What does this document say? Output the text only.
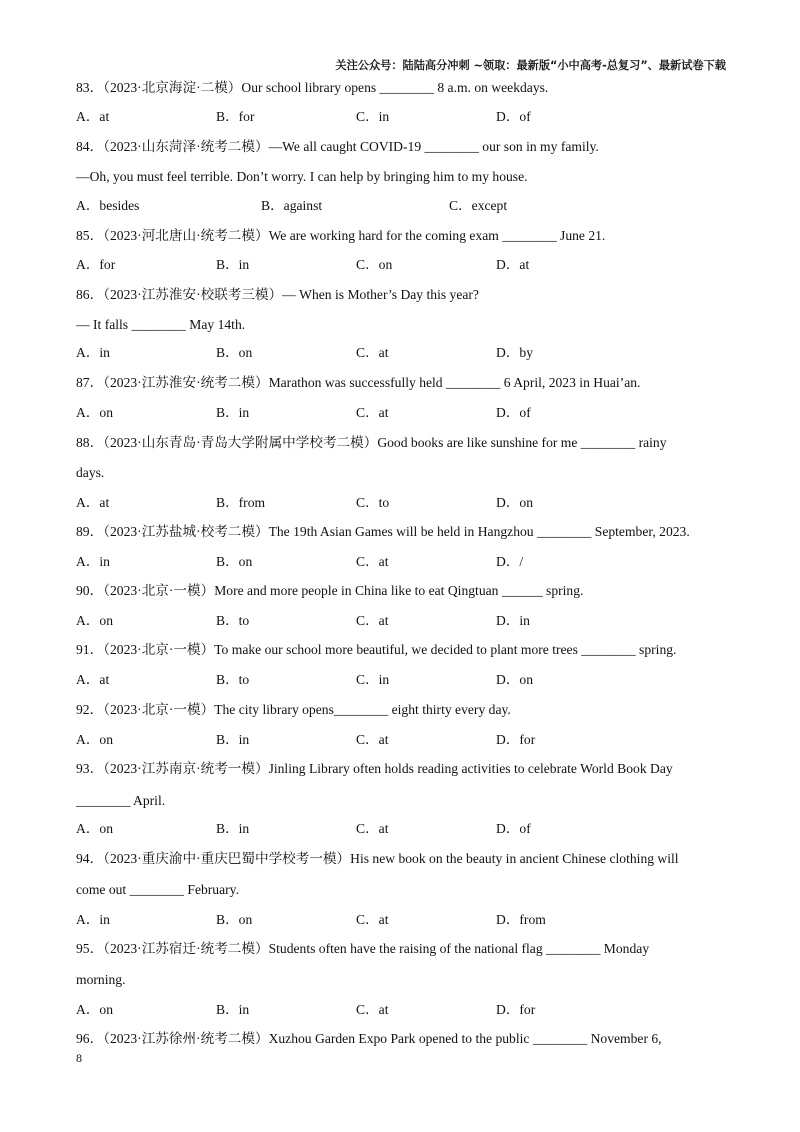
关注公众号：陆陆高分冲刺 ~领取：最新版“小中高考-总复习”、最新试卷下载
83．（2023·北京海淀·二模）Our school library opens ________ 8 a.m. on weekdays.
A．at	B．for	C．in	D．of
84．（2023·山东菏泽·统考二模）—We all caught COVID-19 ________ our son in my family.
—Oh, you must feel terrible. Don’t worry. I can help by bringing him to my house.
A．besides	B．against	C．except
85．（2023·河北唐山·统考二模）We are working hard for the coming exam ________ June 21.
A．for	B．in	C．on	D．at
86．（2023·江苏淮安·校联考三模）— When is Mother’s Day this year?
— It falls ________ May 14th.
A．in	B．on	C．at	D．by
87．（2023·江苏淮安·统考二模）Marathon was successfully held ________ 6 April, 2023 in Huai’an.
A．on	B．in	C．at	D．of
88．（2023·山东青岛·青岛大学附属中学校考二模）Good books are like sunshine for me ________ rainy
days.
A．at	B．from	C．to	D．on
89．（2023·江苏盐城·校考二模）The 19th Asian Games will be held in Hangzhou ________ September, 2023.
A．in	B．on	C．at	D．/
90．（2023·北京·一模）More and more people in China like to eat Qingtuan ______ spring.
A．on	B．to	C．at	D．in
91．（2023·北京·一模）To make our school more beautiful, we decided to plant more trees ________ spring.
A．at	B．to	C．in	D．on
92．（2023·北京·一模）The city library opens________ eight thirty every day.
A．on	B．in	C．at	D．for
93．（2023·江苏南京·统考一模）Jinling Library often holds reading activities to celebrate World Book Day
________ April.
A．on	B．in	C．at	D．of
94．（2023·重庆渝中·重庆巴蜀中学校考一模）His new book on the beauty in ancient Chinese clothing will
come out ________ February.
A．in	B．on	C．at	D．from
95．（2023·江苏宿迁·统考二模）Students often have the raising of the national flag ________ Monday
morning.
A．on	B．in	C．at	D．for
96．（2023·江苏徐州·统考二模）Xuzhou Garden Expo Park opened to the public ________ November 6,
8
